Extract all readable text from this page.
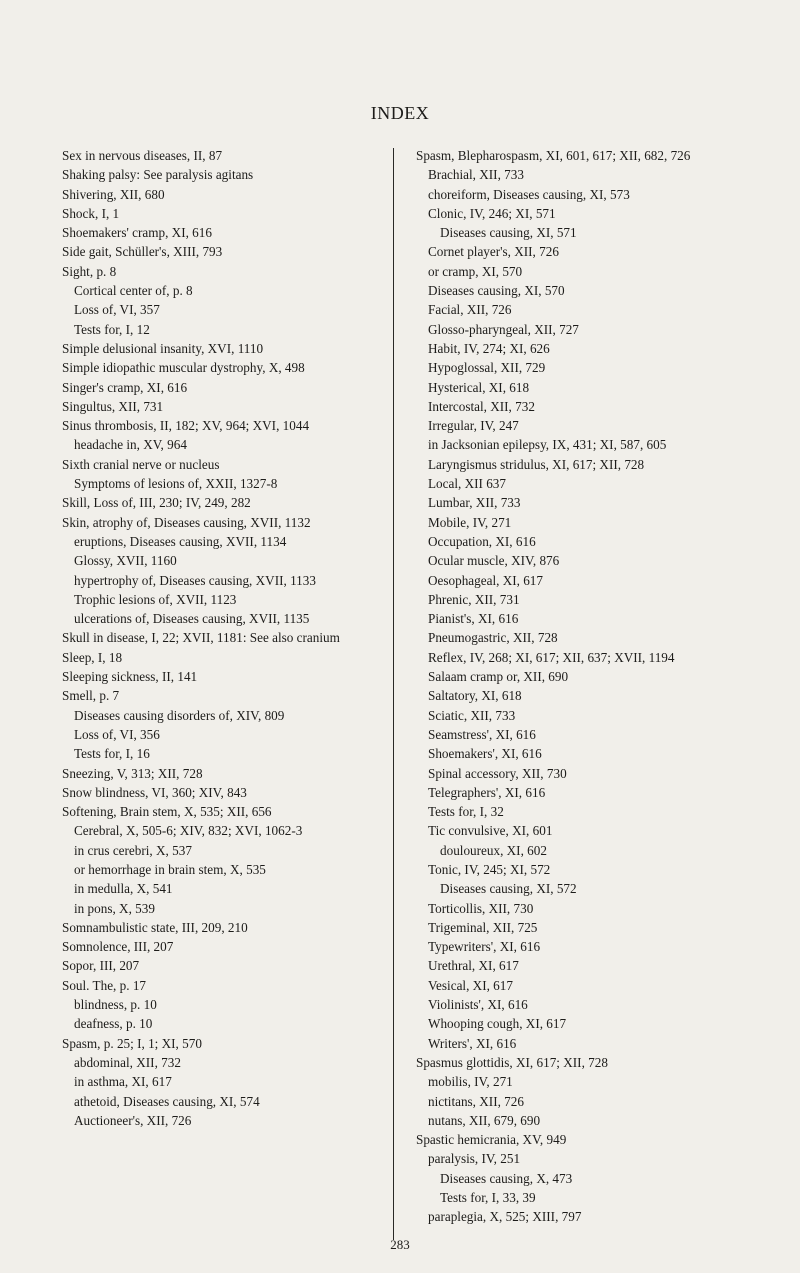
INDEX

Sex in nervous diseases, II, 87

Shaking palsy: See paralysis agitans

Shivering, XII, 680

Shock, I, 1

Shoemakers' cramp, XI, 616

Side gait, Schüller's, XIII, 793

Sight, p. 8

Cortical center of, p. 8

Loss of, VI, 357

Tests for, I, 12

Simple delusional insanity, XVI, 1110

Simple idiopathic muscular dystrophy, X, 498

Singer's cramp, XI, 616

Singultus, XII, 731

Sinus thrombosis, II, 182; XV, 964; XVI, 1044

headache in, XV, 964

Sixth cranial nerve or nucleus

Symptoms of lesions of, XXII, 1327-8

Skill, Loss of, III, 230; IV, 249, 282

Skin, atrophy of, Diseases causing, XVII, 1132

eruptions, Diseases causing, XVII, 1134

Glossy, XVII, 1160

hypertrophy of, Diseases causing, XVII, 1133

Trophic lesions of, XVII, 1123

ulcerations of, Diseases causing, XVII, 1135

Skull in disease, I, 22; XVII, 1181: See also cranium

Sleep, I, 18

Sleeping sickness, II, 141

Smell, p. 7

Diseases causing disorders of, XIV, 809

Loss of, VI, 356

Tests for, I, 16

Sneezing, V, 313; XII, 728

Snow blindness, VI, 360; XIV, 843

Softening, Brain stem, X, 535; XII, 656

Cerebral, X, 505-6; XIV, 832; XVI, 1062-3

in crus cerebri, X, 537

or hemorrhage in brain stem, X, 535

in medulla, X, 541

in pons, X, 539

Somnambulistic state, III, 209, 210

Somnolence, III, 207

Sopor, III, 207

Soul. The, p. 17

blindness, p. 10

deafness, p. 10

Spasm, p. 25; I, 1; XI, 570

abdominal, XII, 732

in asthma, XI, 617

athetoid, Diseases causing, XI, 574

Auctioneer's, XII, 726

Spasm, Blepharospasm, XI, 601, 617; XII, 682, 726

Brachial, XII, 733

choreiform, Diseases causing, XI, 573

Clonic, IV, 246; XI, 571

Diseases causing, XI, 571

Cornet player's, XII, 726

or cramp, XI, 570

Diseases causing, XI, 570

Facial, XII, 726

Glosso-pharyngeal, XII, 727

Habit, IV, 274; XI, 626

Hypoglossal, XII, 729

Hysterical, XI, 618

Intercostal, XII, 732

Irregular, IV, 247

in Jacksonian epilepsy, IX, 431; XI, 587, 605

Laryngismus stridulus, XI, 617; XII, 728

Local, XII 637

Lumbar, XII, 733

Mobile, IV, 271

Occupation, XI, 616

Ocular muscle, XIV, 876

Oesophageal, XI, 617

Phrenic, XII, 731

Pianist's, XI, 616

Pneumogastric, XII, 728

Reflex, IV, 268; XI, 617; XII, 637; XVII, 1194

Salaam cramp or, XII, 690

Saltatory, XI, 618

Sciatic, XII, 733

Seamstress', XI, 616

Shoemakers', XI, 616

Spinal accessory, XII, 730

Telegraphers', XI, 616

Tests for, I, 32

Tic convulsive, XI, 601

douloureux, XI, 602

Tonic, IV, 245; XI, 572

Diseases causing, XI, 572

Torticollis, XII, 730

Trigeminal, XII, 725

Typewriters', XI, 616

Urethral, XI, 617

Vesical, XI, 617

Violinists', XI, 616

Whooping cough, XI, 617

Writers', XI, 616

Spasmus glottidis, XI, 617; XII, 728

mobilis, IV, 271

nictitans, XII, 726

nutans, XII, 679, 690

Spastic hemicrania, XV, 949

paralysis, IV, 251

Diseases causing, X, 473

Tests for, I, 33, 39

paraplegia, X, 525; XIII, 797

283
